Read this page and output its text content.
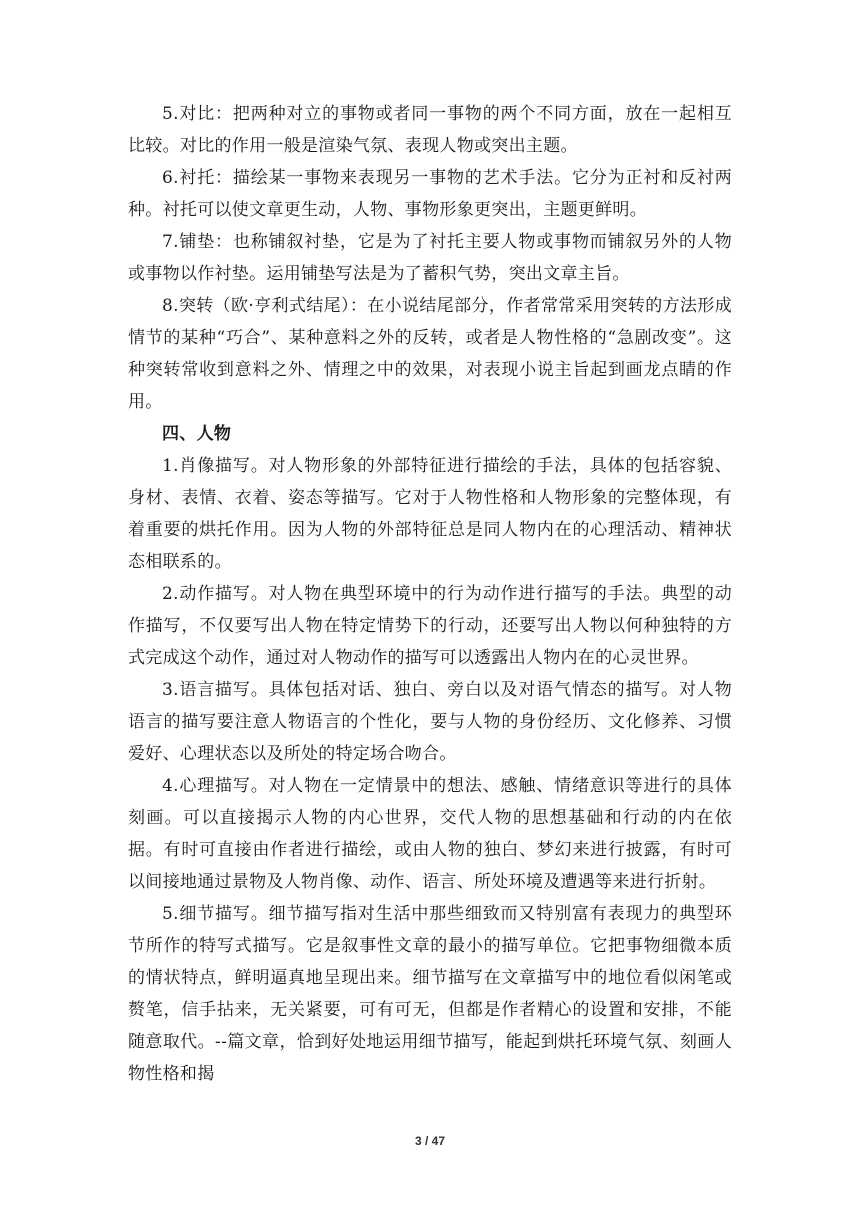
5.对比：把两种对立的事物或者同一事物的两个不同方面，放在一起相互比较。对比的作用一般是渲染气氛、表现人物或突出主题。

6.衬托：描绘某一事物来表现另一事物的艺术手法。它分为正衬和反衬两种。衬托可以使文章更生动，人物、事物形象更突出，主题更鲜明。

7.铺垫：也称铺叙衬垫，它是为了衬托主要人物或事物而铺叙另外的人物或事物以作衬垫。运用铺垫写法是为了蓄积气势，突出文章主旨。

8.突转（欧·亨利式结尾）：在小说结尾部分，作者常常采用突转的方法形成情节的某种“巧合”、某种意料之外的反转，或者是人物性格的“急剧改变”。这种突转常收到意料之外、情理之中的效果，对表现小说主旨起到画龙点睛的作用。

四、人物

1.肖像描写。对人物形象的外部特征进行描绘的手法，具体的包括容貌、身材、表情、衣着、姿态等描写。它对于人物性格和人物形象的完整体现，有着重要的烘托作用。因为人物的外部特征总是同人物内在的心理活动、精神状态相联系的。

2.动作描写。对人物在典型环境中的行为动作进行描写的手法。典型的动作描写，不仅要写出人物在特定情势下的行动，还要写出人物以何种独特的方式完成这个动作，通过对人物动作的描写可以透露出人物内在的心灵世界。

3.语言描写。具体包括对话、独白、旁白以及对语气情态的描写。对人物语言的描写要注意人物语言的个性化，要与人物的身份经历、文化修养、习惯爱好、心理状态以及所处的特定场合吻合。

4.心理描写。对人物在一定情景中的想法、感触、情绪意识等进行的具体刻画。可以直接揭示人物的内心世界，交代人物的思想基础和行动的内在依据。有时可直接由作者进行描绘，或由人物的独白、梦幻来进行披露，有时可以间接地通过景物及人物肖像、动作、语言、所处环境及遭遇等来进行折射。

5.细节描写。细节描写指对生活中那些细致而又特别富有表现力的典型环节所作的特写式描写。它是叙事性文章的最小的描写单位。它把事物细微本质的情状特点，鲜明逼真地呈现出来。细节描写在文章描写中的地位看似闲笔或赘笔，信手拈来，无关紧要，可有可无，但都是作者精心的设置和安排，不能随意取代。--篇文章，恰到好处地运用细节描写，能起到烘托环境气氛、刻画人物性格和揭

3 / 47
